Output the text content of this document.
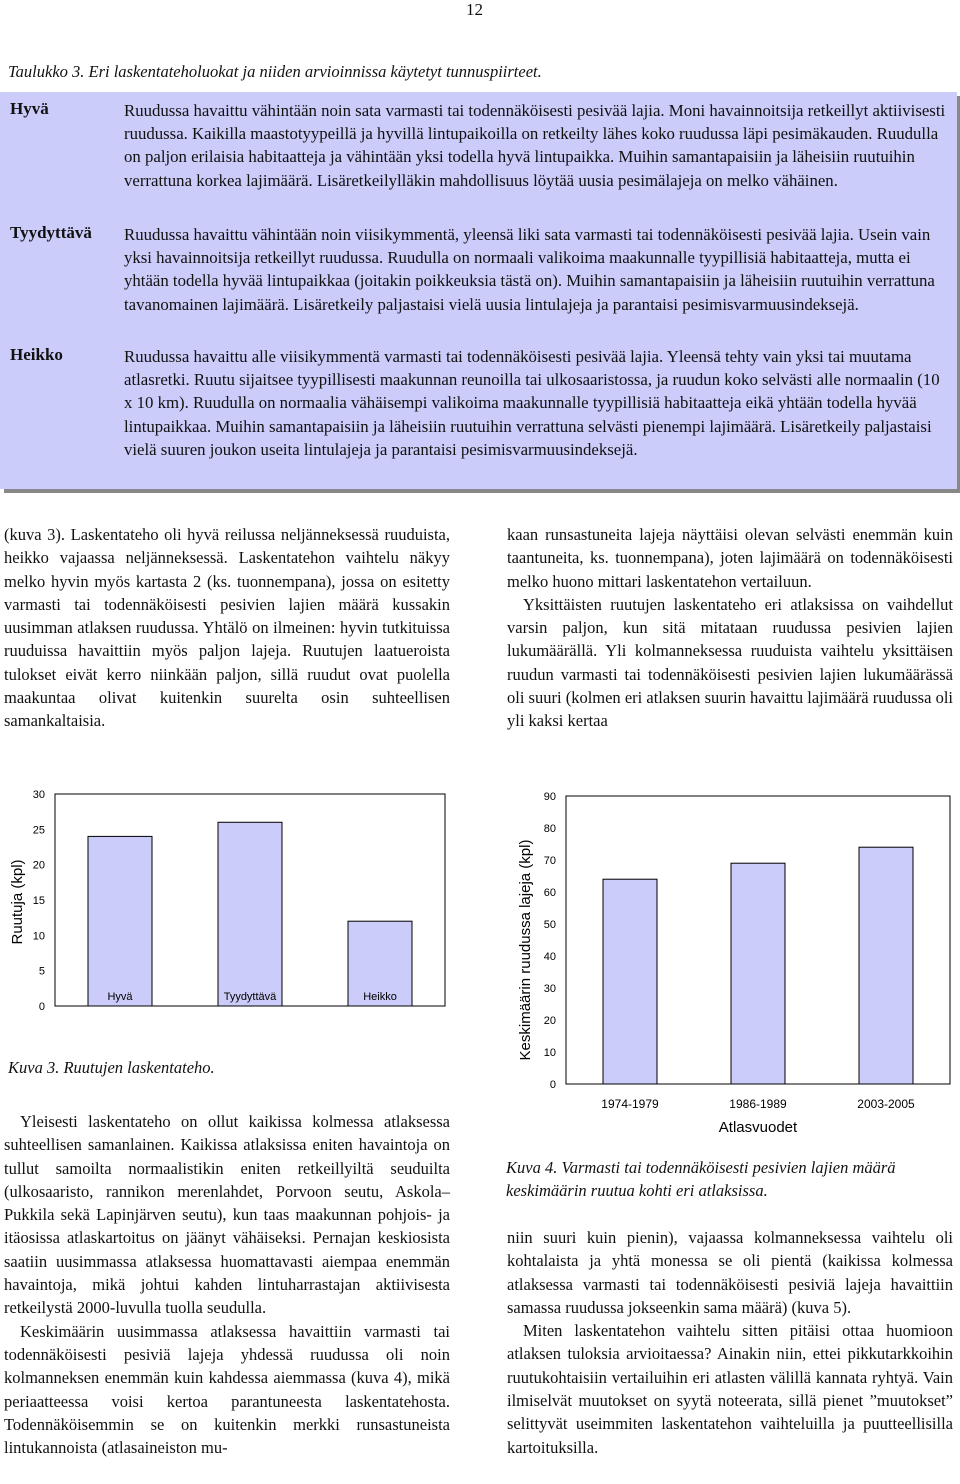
12
Taulukko 3. Eri laskentateholuokat ja niiden arvioinnissa käytetyt tunnuspiirteet.
Hyvä	Ruudussa havaittu vähintään noin sata varmasti tai todennäköisesti pesivää lajia. Moni havainnoitsija retkeillyt aktiivisesti ruudussa. Kaikilla maastotyypeillä ja hyvillä lintupaikoilla on retkeilty lähes koko ruudussa läpi pesimäkauden. Ruudulla on paljon erilaisia habitaatteja ja vähintään yksi todella hyvä lintupaikka. Muihin samantapaisiin ja läheisiin ruutuihin verrattuna korkea lajimäärä. Lisäretkeilylläkin mahdollisuus löytää uusia pesimälajeja on melko vähäinen.
Tyydyttävä Ruudussa havaittu vähintään noin viisikymmentä, yleensä liki sata varmasti tai todennäköisesti pesivää lajia. Usein vain yksi havainnoitsija retkeillyt ruudussa. Ruudulla on normaali valikoima maakunnalle tyypillisiä habitaatteja, mutta ei yhtään todella hyvää lintupaikkaa (joitakin poikkeuksia tästä on). Muihin samantapaisiin ja läheisiin ruutuihin verrattuna tavanomainen lajimäärä. Lisäretkeily paljastaisi vielä uusia lintulajeja ja parantaisi pesimisvarmuusindeksejä.
Heikko	Ruudussa havaittu alle viisikymmentä varmasti tai todennäköisesti pesivää lajia. Yleensä tehty vain yksi tai muutama atlasretki. Ruutu sijaitsee tyypillisesti maakunnan reunoilla tai ulkosaaristossa, ja ruudun koko selvästi alle normaalin (10 x 10 km). Ruudulla on normaalia vähäisempi valikoima maakunnalle tyypillisiä habitaatteja eikä yhtään todella hyvää lintupaikkaa. Muihin samantapaisiin ja läheisiin ruutuihin verrattuna selvästi pienempi lajimäärä. Lisäretkeily paljastaisi vielä suuren joukon useita lintulajeja ja parantaisi pesimisvarmuusindeksejä.

(kuva 3). Laskentateho oli hyvä reilussa neljänneksessä ruuduista, heikko vajaassa neljänneksessä. Laskentatehon vaihtelu näkyy melko hyvin myös kartasta 2 (ks. tuonnempana), jossa on esitetty varmasti tai todennäköisesti pesivien lajien määrä kussakin uusimman atlaksen ruudussa. Yhtälö on ilmeinen: hyvin tutkituissa ruuduissa havaittiin myös paljon lajeja. Ruutujen laatueroista tulokset eivät kerro niinkään paljon, sillä ruudut ovat puolella maakuntaa olivat kuitenkin suurelta osin suhteellisen samankaltaisia.

kaan runsastuneita lajeja näyttäisi olevan selvästi enemmän kuin taantuneita, ks. tuonnempana), joten lajimäärä on todennäköisesti melko huono mittari laskentatehon vertailuun.

Yksittäisten ruutujen laskentateho eri atlaksissa on vaihdellut varsin paljon, kun sitä mitataan ruudussa pesivien lajien lukumäärällä. Yli kolmanneksessa ruuduista vaihtelu yksittäisen ruudun varmasti tai todennäköisesti pesivien lajien lukumäärässä oli suuri (kolmen eri atlaksen suurin havaittu lajimäärä ruudussa oli yli kaksi kertaa

Ruutuja (kpl)
0
5
10
15
20
25
30
Hyvä	Tyydyttävä	Heikko
Kuva 3. Ruutujen laskentateho.

Yleisesti laskentateho on ollut kaikissa kolmessa atlaksessa suhteellisen samanlainen. Kaikissa atlaksissa eniten havaintoja on tullut samoilta normaalistikin eniten retkeillyiltä seuduilta (ulkosaaristo, rannikon merenlahdet, Porvoon seutu, Askola–Pukkila sekä Lapinjärven seutu), kun taas maakunnan pohjois- ja itäosissa atlaskartoitus on jäänyt vähäiseksi. Pernajan keskiosista saatiin uusimmassa atlaksessa huomattavasti aiempaa enemmän havaintoja, mikä johtui kahden lintuharrastajan aktiivisesta retkeilystä 2000-luvulla tuolla seudulla.

Keskimäärin uusimmassa atlaksessa havaittiin varmasti tai todennäköisesti pesiviä lajeja yhdessä ruudussa oli noin kolmanneksen enemmän kuin kahdessa aiemmassa (kuva 4), mikä periaatteessa voisi kertoa parantuneesta laskentatehosta. Todennäköisemmin se on kuitenkin merkki runsastuneista lintukannoista (atlasaineiston mu-

Keskimäärin ruudussa lajeja (kpl)
0
10
20
30
40
50
60
70
80
90
1974-1979	1986-1989	2003-2005
Atlasvuodet
Kuva 4. Varmasti tai todennäköisesti pesivien lajien määrä keskimäärin ruutua kohti eri atlaksissa.

niin suuri kuin pienin), vajaassa kolmanneksessa vaihtelu oli kohtalaista ja yhtä monessa se oli pientä (kaikissa kolmessa atlaksessa varmasti tai todennäköisesti pesiviä lajeja havaittiin samassa ruudussa jokseenkin sama määrä) (kuva 5).

Miten laskentatehon vaihtelu sitten pitäisi ottaa huomioon atlaksen tuloksia arvioitaessa? Ainakin niin, ettei pikkutarkkoihin ruutukohtaisiin vertailuihin eri atlasten välillä kannata ryhtyä. Vain ilmiselvät muutokset on syytä noteerata, sillä pienet ”muutokset” selittyvät useimmiten laskentatehon vaihteluilla ja puutteellisilla kartoituksilla.
